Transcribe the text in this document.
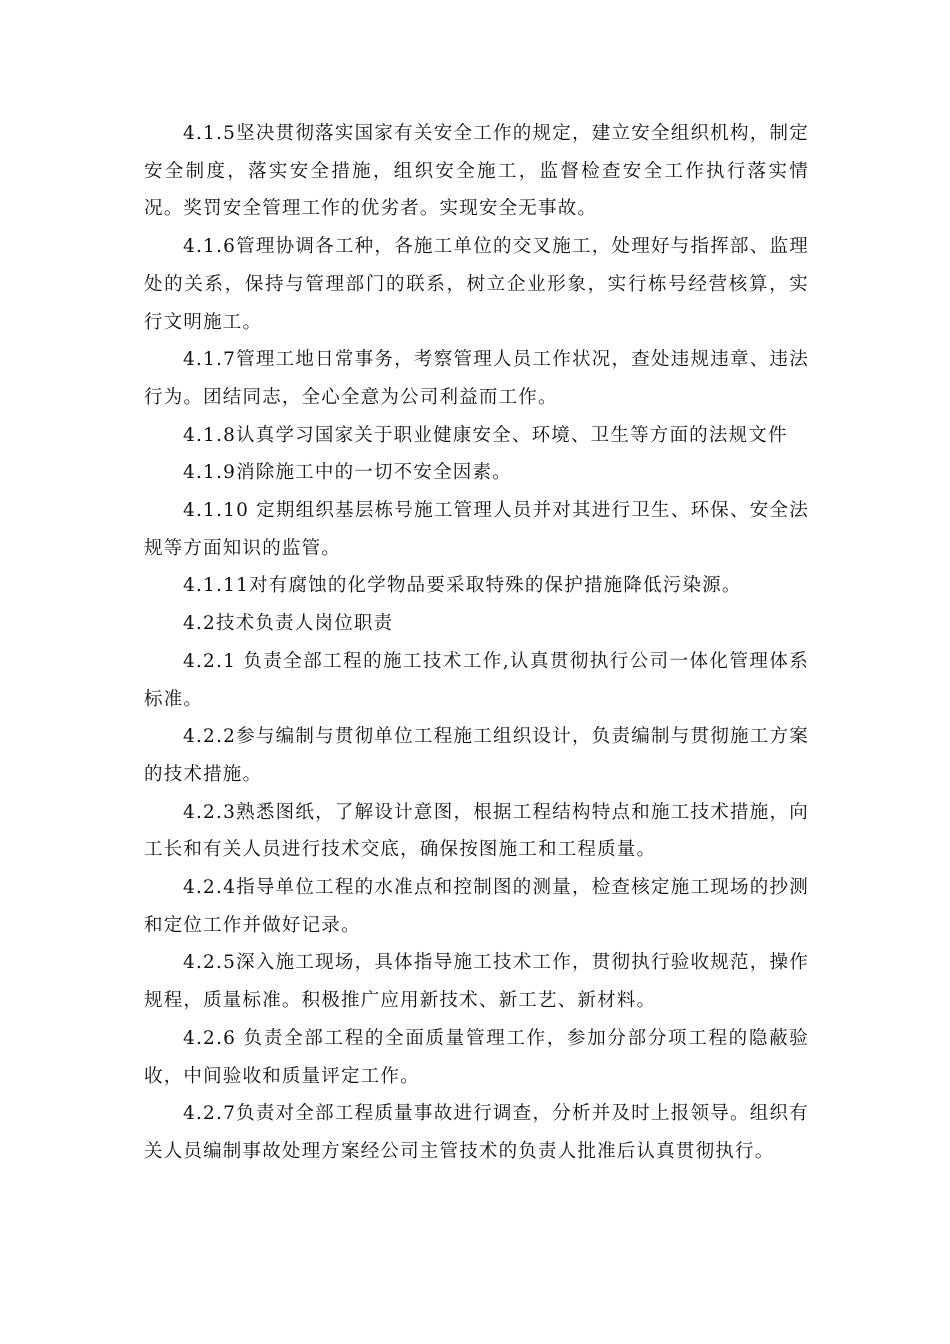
4.1.5坚决贯彻落实国家有关安全工作的规定，建立安全组织机构，制定安全制度，落实安全措施，组织安全施工，监督检查安全工作执行落实情况。奖罚安全管理工作的优劣者。实现安全无事故。

4.1.6管理协调各工种，各施工单位的交叉施工，处理好与指挥部、监理处的关系，保持与管理部门的联系，树立企业形象，实行栋号经营核算，实行文明施工。

4.1.7管理工地日常事务，考察管理人员工作状况，查处违规违章、违法行为。团结同志，全心全意为公司利益而工作。

4.1.8认真学习国家关于职业健康安全、环境、卫生等方面的法规文件

4.1.9消除施工中的一切不安全因素。

4.1.10 定期组织基层栋号施工管理人员并对其进行卫生、环保、安全法规等方面知识的监管。

4.1.11对有腐蚀的化学物品要采取特殊的保护措施降低污染源。

4.2技术负责人岗位职责

4.2.1 负责全部工程的施工技术工作,认真贯彻执行公司一体化管理体系标准。

4.2.2参与编制与贯彻单位工程施工组织设计，负责编制与贯彻施工方案的技术措施。

4.2.3熟悉图纸，了解设计意图，根据工程结构特点和施工技术措施，向工长和有关人员进行技术交底，确保按图施工和工程质量。

4.2.4指导单位工程的水准点和控制图的测量，检查核定施工现场的抄测和定位工作并做好记录。

4.2.5深入施工现场，具体指导施工技术工作，贯彻执行验收规范，操作规程，质量标准。积极推广应用新技术、新工艺、新材料。

4.2.6 负责全部工程的全面质量管理工作，参加分部分项工程的隐蔽验收，中间验收和质量评定工作。

4.2.7负责对全部工程质量事故进行调查，分析并及时上报领导。组织有关人员编制事故处理方案经公司主管技术的负责人批准后认真贯彻执行。
